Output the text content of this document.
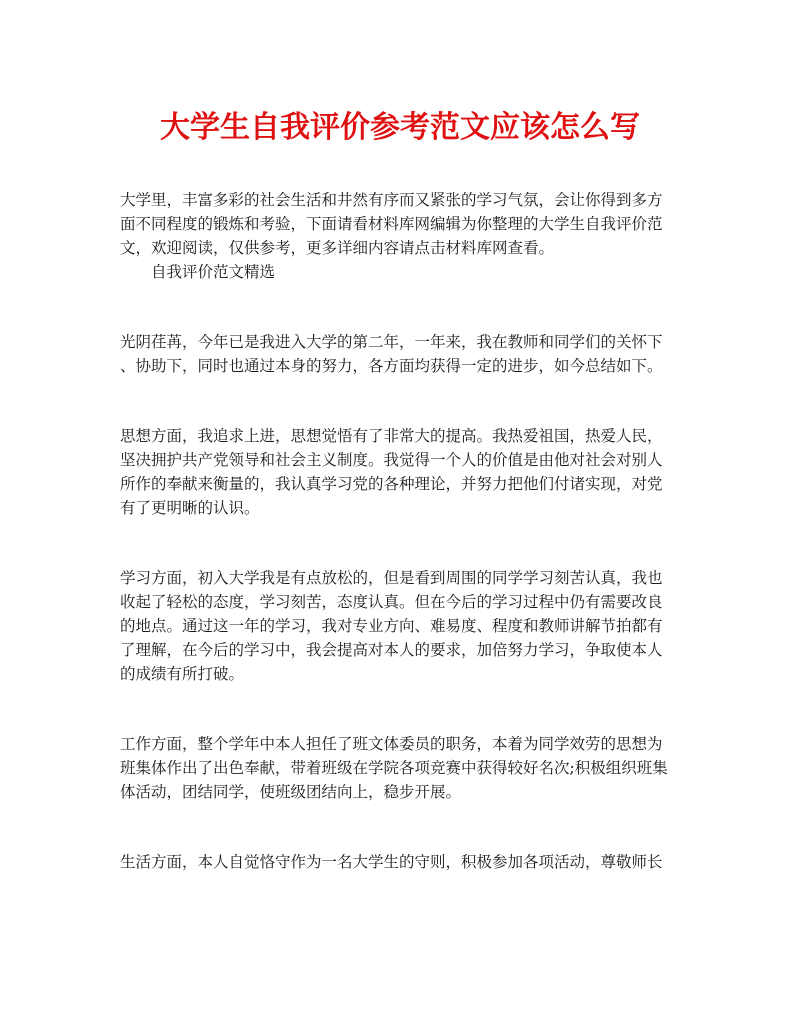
大学生自我评价参考范文应该怎么写
大学里，丰富多彩的社会生活和井然有序而又紧张的学习气氛，会让你得到多方
面不同程度的锻炼和考验，下面请看材料库网编辑为你整理的大学生自我评价范
文，欢迎阅读，仅供参考，更多详细内容请点击材料库网查看。
自我评价范文精选
光阴荏苒，今年已是我进入大学的第二年，一年来，我在教师和同学们的关怀下
、协助下，同时也通过本身的努力，各方面均获得一定的进步，如今总结如下。
思想方面，我追求上进，思想觉悟有了非常大的提高。我热爱祖国，热爱人民，
坚决拥护共产党领导和社会主义制度。我觉得一个人的价值是由他对社会对别人
所作的奉献来衡量的，我认真学习党的各种理论，并努力把他们付诸实现，对党
有了更明晰的认识。
学习方面，初入大学我是有点放松的，但是看到周围的同学学习刻苦认真，我也
收起了轻松的态度，学习刻苦，态度认真。但在今后的学习过程中仍有需要改良
的地点。通过这一年的学习，我对专业方向、难易度、程度和教师讲解节拍都有
了理解，在今后的学习中，我会提高对本人的要求，加倍努力学习，争取使本人
的成绩有所打破。
工作方面，整个学年中本人担任了班文体委员的职务，本着为同学效劳的思想为
班集体作出了出色奉献，带着班级在学院各项竞赛中获得较好名次;积极组织班集
体活动，团结同学，使班级团结向上，稳步开展。
生活方面，本人自觉恪守作为一名大学生的守则，积极参加各项活动，尊敬师长
